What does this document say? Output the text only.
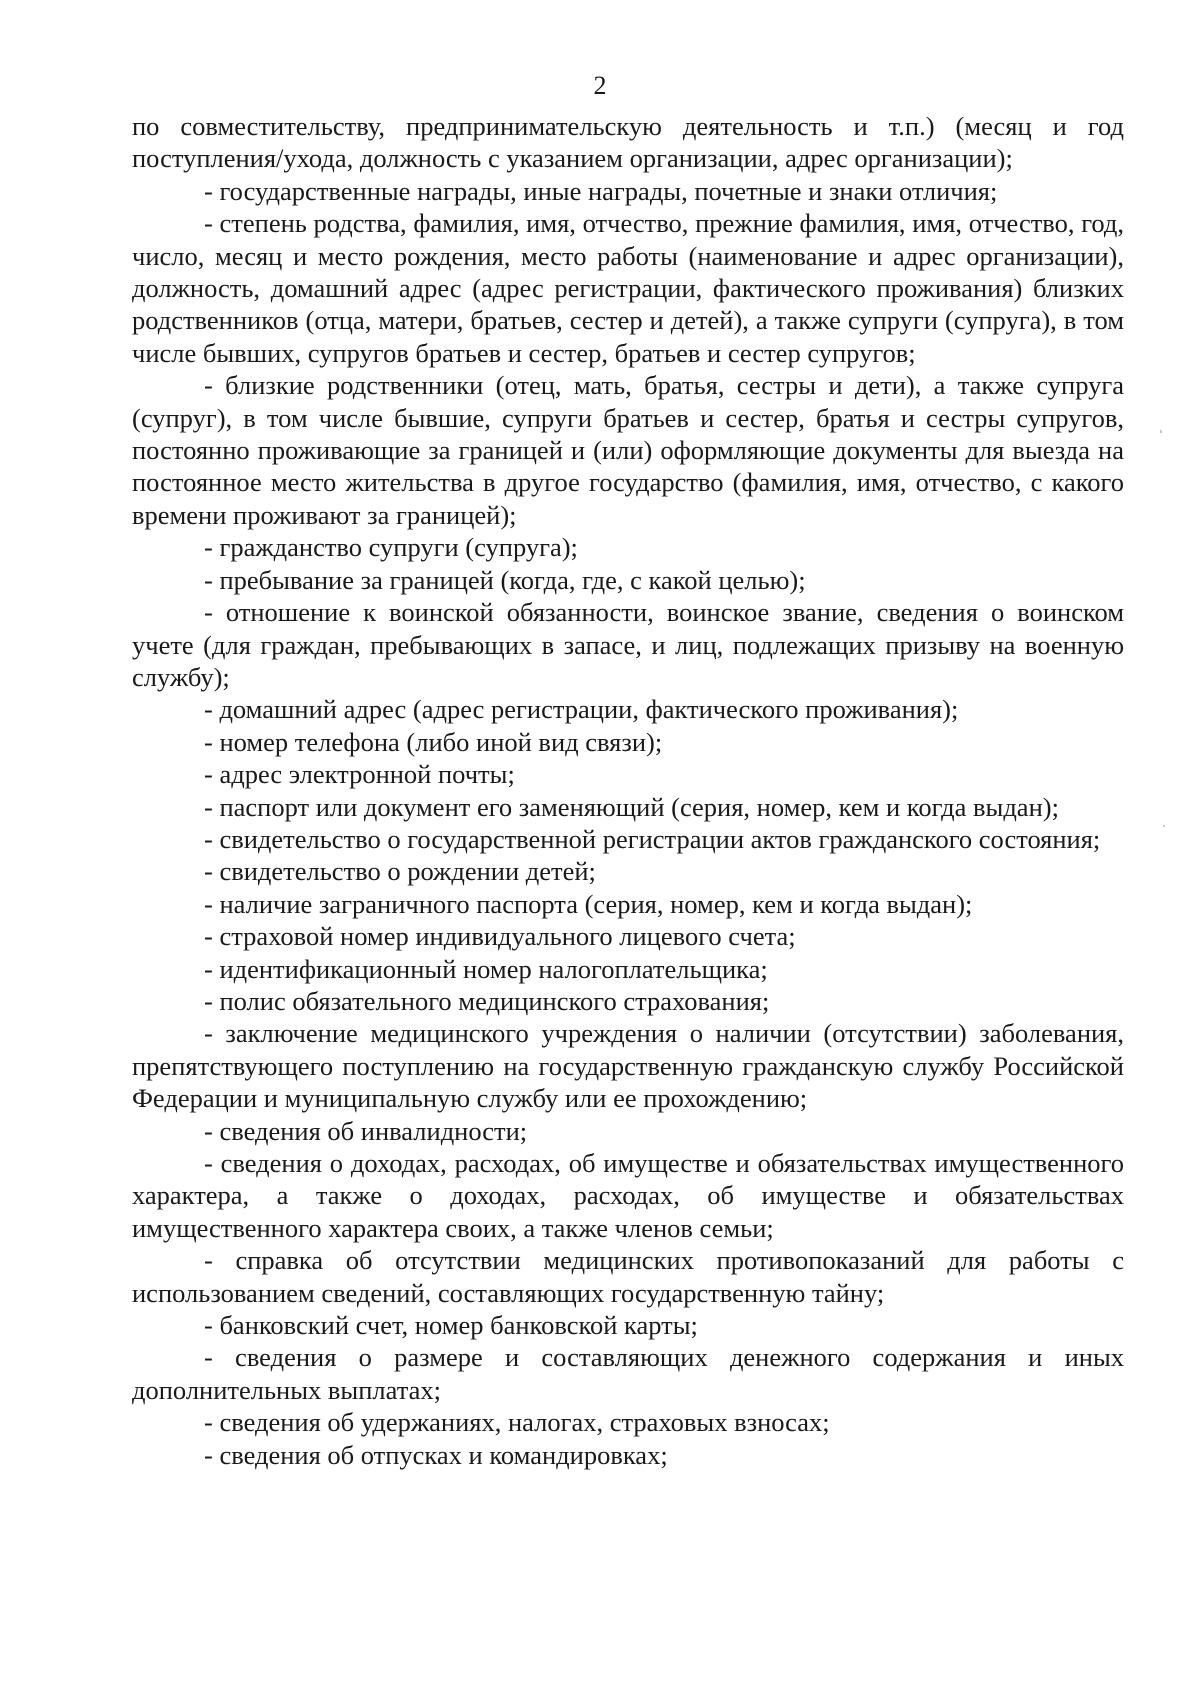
2

по совместительству, предпринимательскую деятельность и т.п.) (месяц и год поступления/ухода, должность с указанием организации, адрес организации);

- государственные награды, иные награды, почетные и знаки отличия;

- степень родства, фамилия, имя, отчество, прежние фамилия, имя, отчество, год, число, месяц и место рождения, место работы (наименование и адрес организации), должность, домашний адрес (адрес регистрации, фактического проживания) близких родственников (отца, матери, братьев, сестер и детей), а также супруги (супруга), в том числе бывших, супругов братьев и сестер, братьев и сестер супругов;

- близкие родственники (отец, мать, братья, сестры и дети), а также супруга (супруг), в том числе бывшие, супруги братьев и сестер, братья и сестры супругов, постоянно проживающие за границей и (или) оформляющие документы для выезда на постоянное место жительства в другое государство (фамилия, имя, отчество, с какого времени проживают за границей);

- гражданство супруги (супруга);

- пребывание за границей (когда, где, с какой целью);

- отношение к воинской обязанности, воинское звание, сведения о воинском учете (для граждан, пребывающих в запасе, и лиц, подлежащих призыву на военную службу);

- домашний адрес (адрес регистрации, фактического проживания);

- номер телефона (либо иной вид связи);

- адрес электронной почты;

- паспорт или документ его заменяющий (серия, номер, кем и когда выдан);

- свидетельство о государственной регистрации актов гражданского состояния;

- свидетельство о рождении детей;

- наличие заграничного паспорта (серия, номер, кем и когда выдан);

- страховой номер индивидуального лицевого счета;

- идентификационный номер налогоплательщика;

- полис обязательного медицинского страхования;

- заключение медицинского учреждения о наличии (отсутствии) заболевания, препятствующего поступлению на государственную гражданскую службу Российской Федерации и муниципальную службу или ее прохождению;

- сведения об инвалидности;

- сведения о доходах, расходах, об имуществе и обязательствах имущественного характера, а также о доходах, расходах, об имуществе и обязательствах имущественного характера своих, а также членов семьи;

- справка об отсутствии медицинских противопоказаний для работы с использованием сведений, составляющих государственную тайну;

- банковский счет, номер банковской карты;

- сведения о размере и составляющих денежного содержания и иных дополнительных выплатах;

- сведения об удержаниях, налогах, страховых взносах;

- сведения об отпусках и командировках;
